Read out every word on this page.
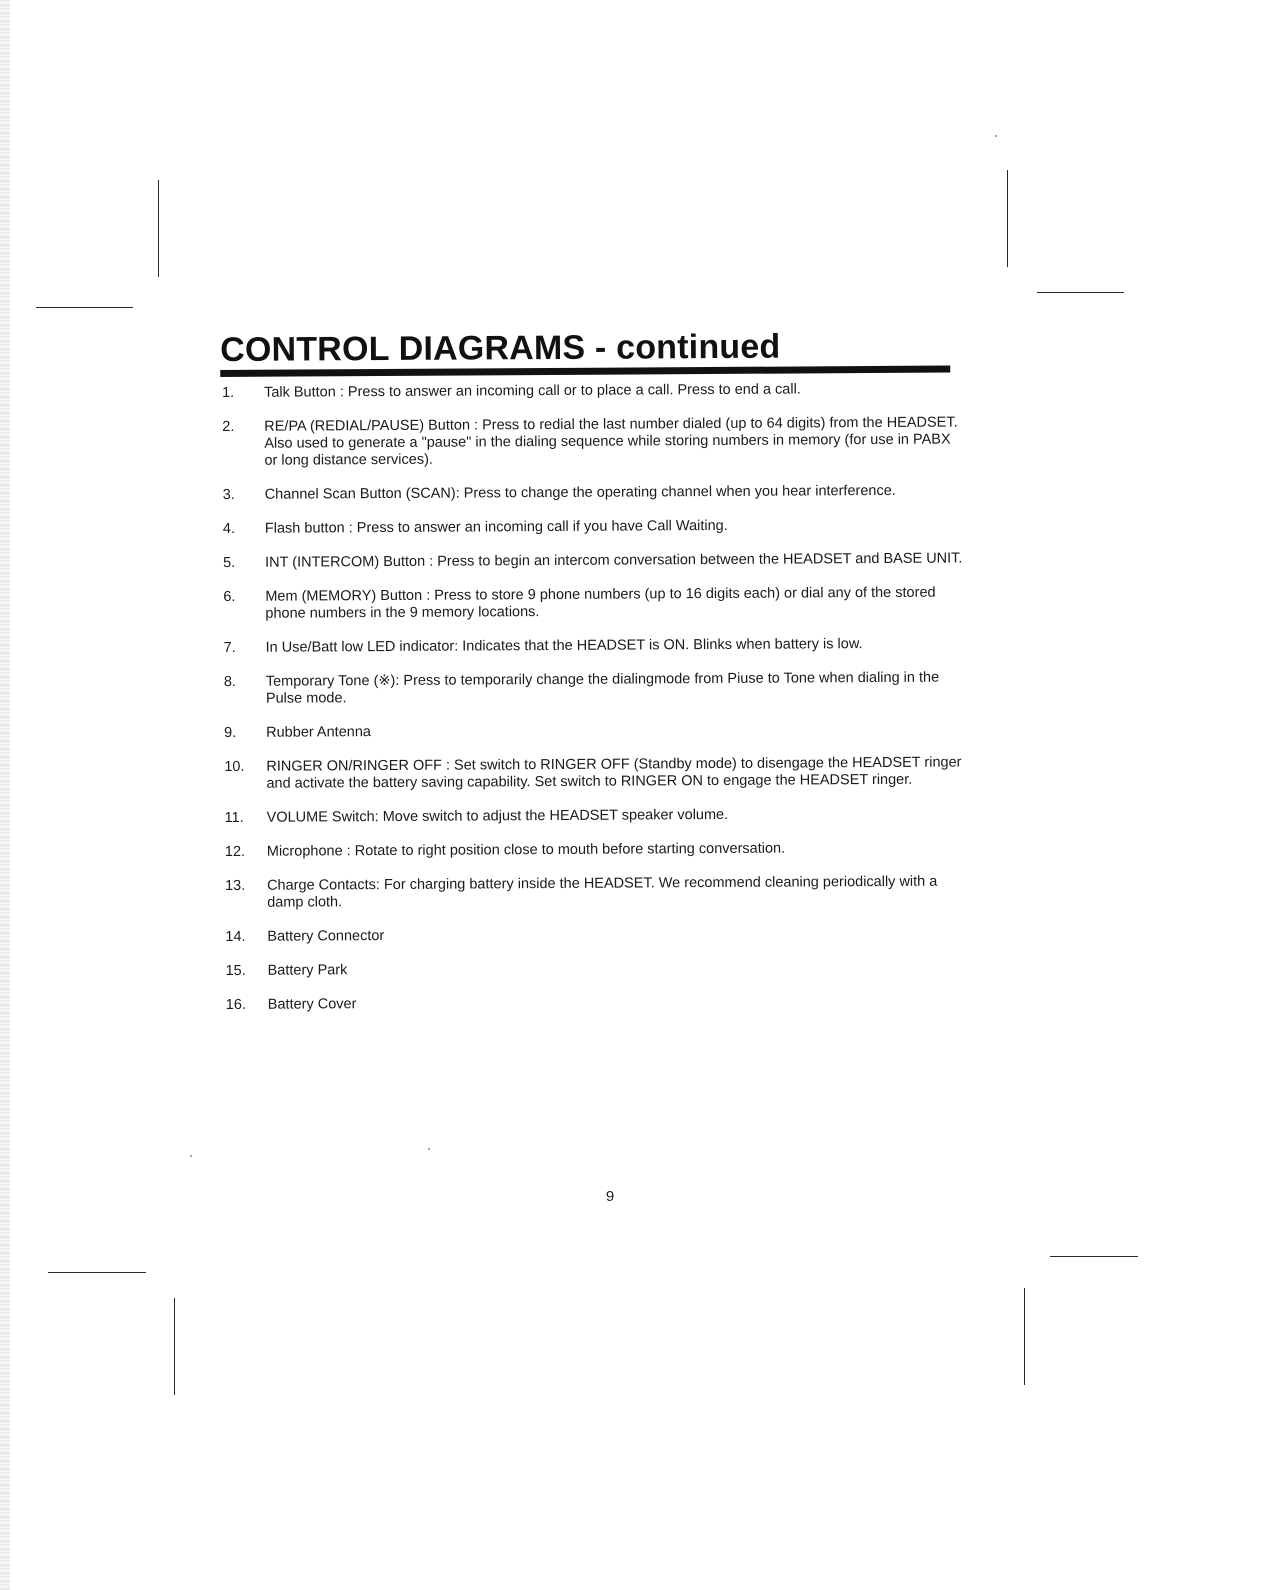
CONTROL DIAGRAMS - continued
1.	Talk Button : Press to answer an incoming call or to place a call. Press to end a call.
2.	RE/PA (REDIAL/PAUSE) Button : Press to redial the last number dialed (up to 64 digits) from the HEADSET. Also used to generate a "pause" in the dialing sequence while storing numbers in memory (for use in PABX or long distance services).
3.	Channel Scan Button (SCAN): Press to change the operating channel when you hear interference.
4.	Flash button : Press to answer an incoming call if you have Call Waiting.
5.	INT (INTERCOM) Button : Press to begin an intercom conversation between the HEADSET and BASE UNIT.
6.	Mem (MEMORY) Button : Press to store 9 phone numbers (up to 16 digits each) or dial any of the stored phone numbers in the 9 memory locations.
7.	In Use/Batt low LED indicator: Indicates that the HEADSET is ON. Blinks when battery is low.
8.	Temporary Tone (※): Press to temporarily change the dialingmode from Piuse to Tone when dialing in the Pulse mode.
9.	Rubber Antenna
10.	RINGER ON/RINGER OFF : Set switch to RINGER OFF (Standby mode) to disengage the HEADSET ringer and activate the battery saving capability. Set switch to RINGER ON to engage the HEADSET ringer.
11.	VOLUME Switch: Move switch to adjust the HEADSET speaker volume.
12.	Microphone : Rotate to right position close to mouth before starting conversation.
13.	Charge Contacts: For charging battery inside the HEADSET. We recommend cleaning periodically with a damp cloth.
14.	Battery Connector
15.	Battery Park
16.	Battery Cover
9
